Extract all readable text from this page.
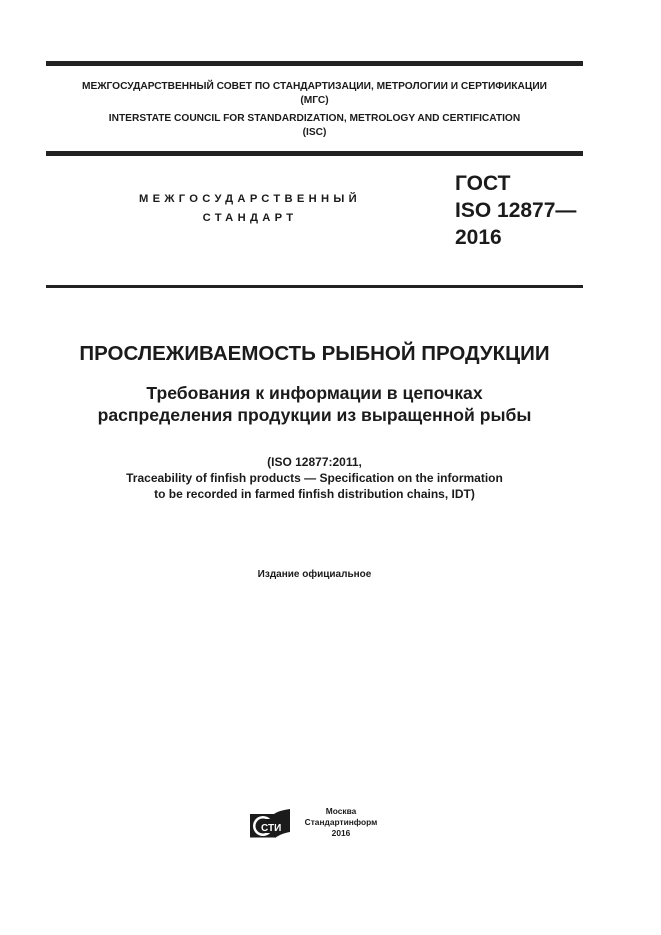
МЕЖГОСУДАРСТВЕННЫЙ СОВЕТ ПО СТАНДАРТИЗАЦИИ, МЕТРОЛОГИИ И СЕРТИФИКАЦИИ
(МГС)
INTERSTATE COUNCIL FOR STANDARDIZATION, METROLOGY AND CERTIFICATION
(ISC)
МЕЖГОСУДАРСТВЕННЫЙ
СТАНДАРТ
ГОСТ
ISO 12877—
2016
ПРОСЛЕЖИВАЕМОСТЬ РЫБНОЙ ПРОДУКЦИИ
Требования к информации в цепочках
распределения продукции из выращенной рыбы
(ISO 12877:2011,
Traceability of finfish products — Specification on the information
to be recorded in farmed finfish distribution chains, IDT)
Издание официальное
СТИ
Москва
Стандартинформ
2016
